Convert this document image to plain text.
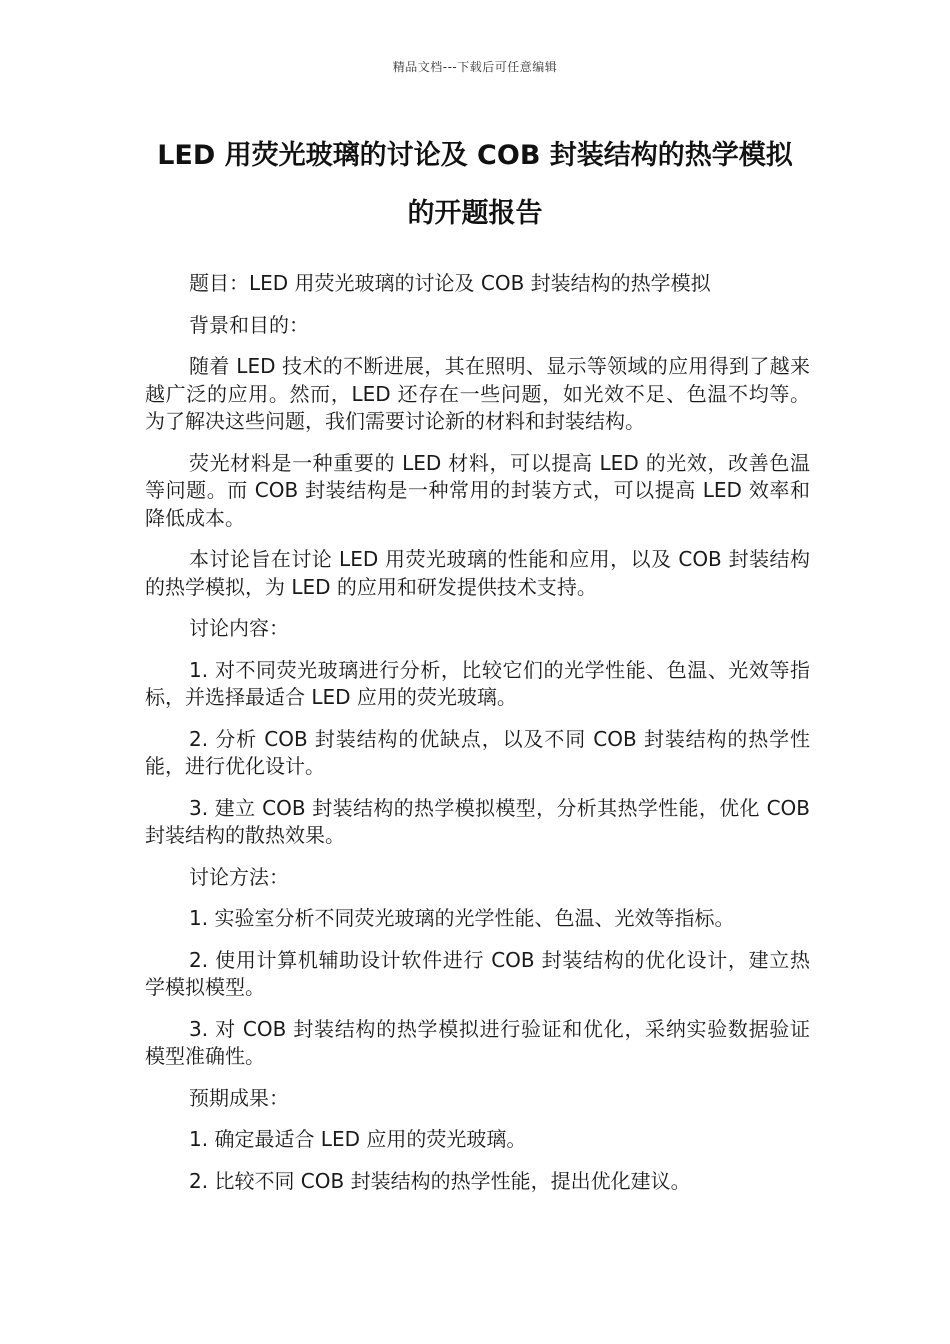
精品文档---下载后可任意编辑
LED 用荧光玻璃的讨论及 COB 封装结构的热学模拟
的开题报告

题目：LED 用荧光玻璃的讨论及 COB 封装结构的热学模拟

背景和目的：

随着 LED 技术的不断进展，其在照明、显示等领域的应用得到了越来越广泛的应用。然而，LED 还存在一些问题，如光效不足、色温不均等。为了解决这些问题，我们需要讨论新的材料和封装结构。

荧光材料是一种重要的 LED 材料，可以提高 LED 的光效，改善色温等问题。而 COB 封装结构是一种常用的封装方式，可以提高 LED 效率和降低成本。

本讨论旨在讨论 LED 用荧光玻璃的性能和应用，以及 COB 封装结构的热学模拟，为 LED 的应用和研发提供技术支持。

讨论内容：

1. 对不同荧光玻璃进行分析，比较它们的光学性能、色温、光效等指标，并选择最适合 LED 应用的荧光玻璃。

2. 分析 COB 封装结构的优缺点，以及不同 COB 封装结构的热学性能，进行优化设计。

3. 建立 COB 封装结构的热学模拟模型，分析其热学性能，优化 COB 封装结构的散热效果。

讨论方法：

1. 实验室分析不同荧光玻璃的光学性能、色温、光效等指标。

2. 使用计算机辅助设计软件进行 COB 封装结构的优化设计，建立热学模拟模型。

3. 对 COB 封装结构的热学模拟进行验证和优化，采纳实验数据验证模型准确性。

预期成果：

1. 确定最适合 LED 应用的荧光玻璃。

2. 比较不同 COB 封装结构的热学性能，提出优化建议。
